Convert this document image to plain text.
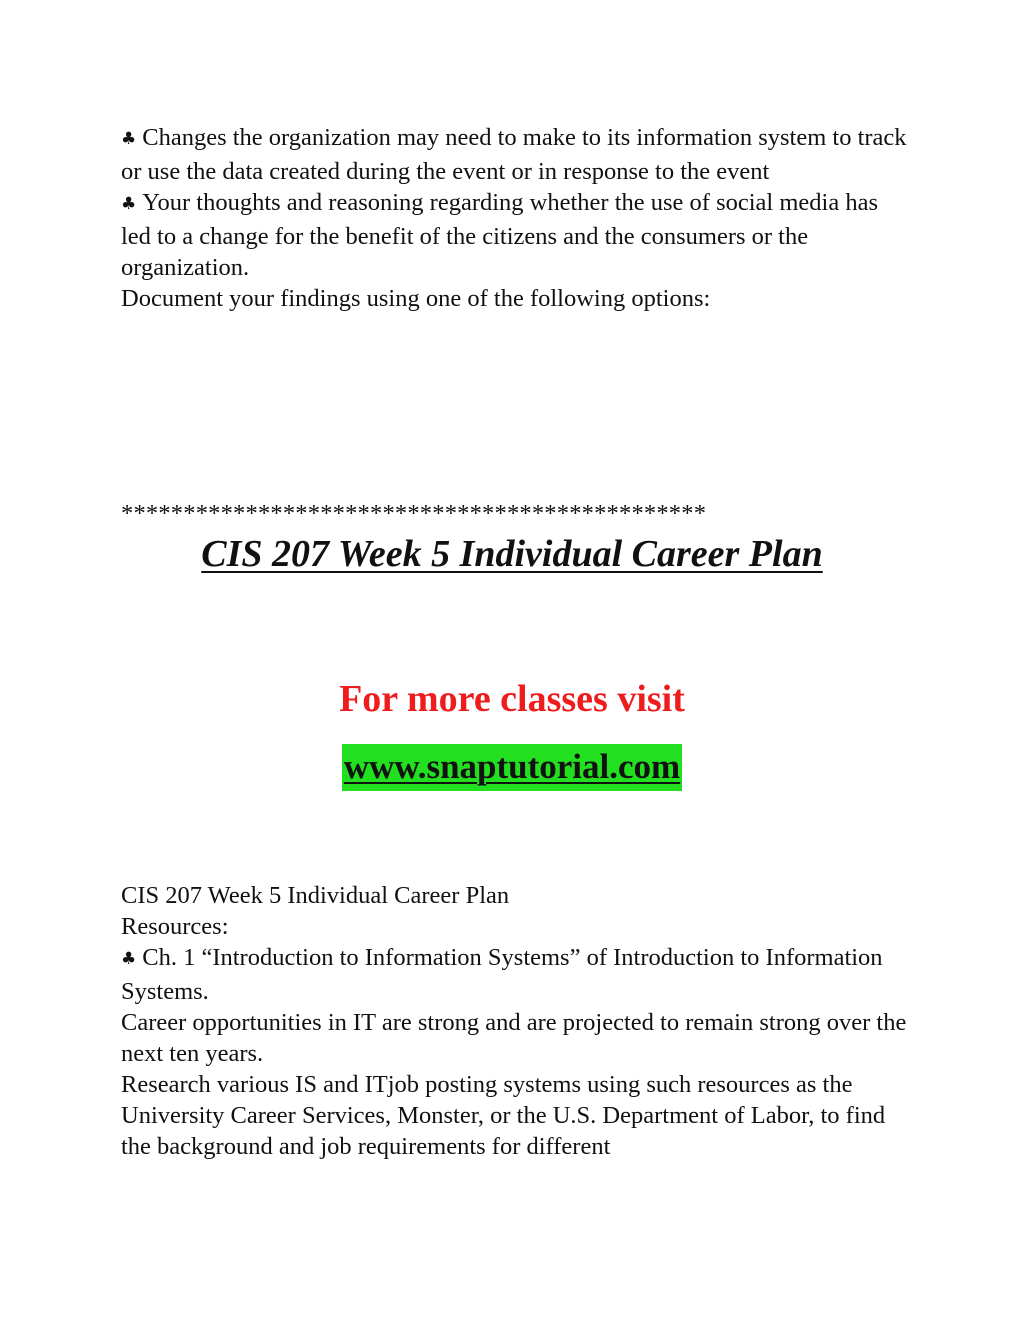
♣ Changes the organization may need to make to its information system to track or use the data created during the event or in response to the event

♣ Your thoughts and reasoning regarding whether the use of social media has led to a change for the benefit of the citizens and the consumers or the organization.

Document your findings using one of the following options:

***********************************************
CIS 207 Week 5 Individual Career Plan
For more classes visit
www.snaptutorial.com

CIS 207 Week 5 Individual Career Plan

Resources:

♣ Ch. 1 “Introduction to Information Systems” of Introduction to Information Systems.

Career opportunities in IT are strong and are projected to remain strong over the next ten years.

Research various IS and ITjob posting systems using such resources as the University Career Services, Monster, or the U.S. Department of Labor, to find the background and job requirements for different
